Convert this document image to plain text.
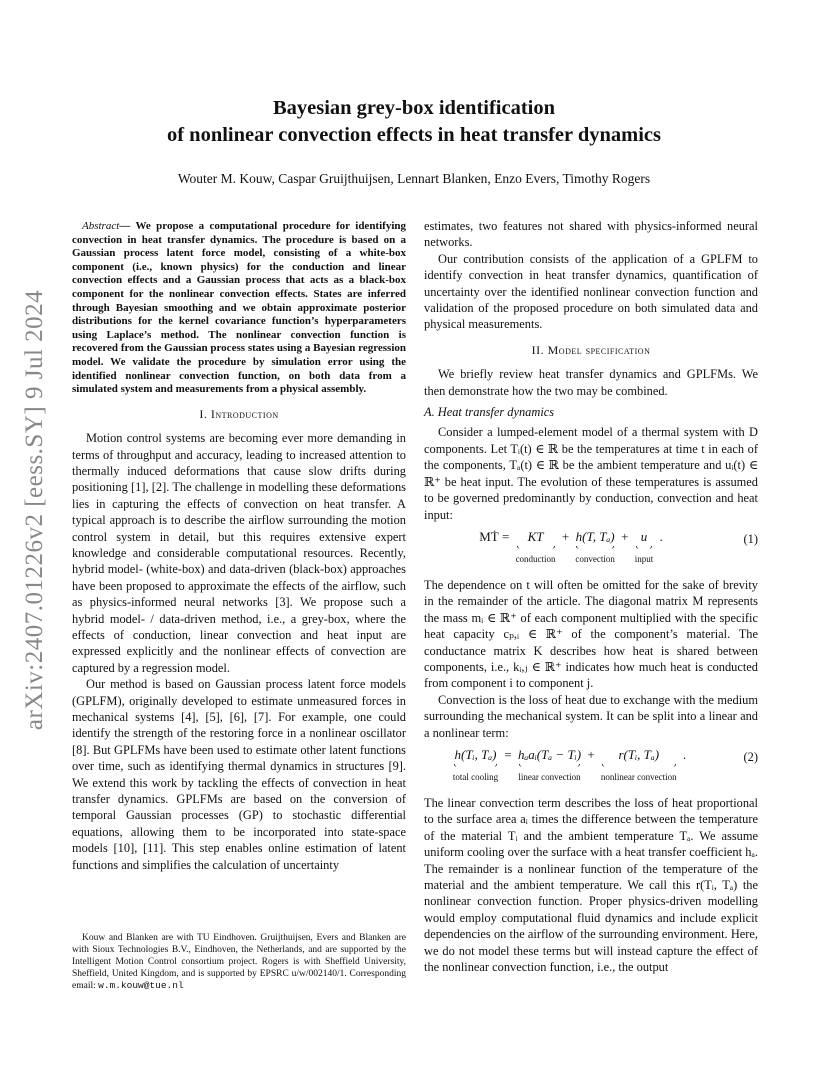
arXiv:2407.01226v2 [eess.SY] 9 Jul 2024
Bayesian grey-box identification
of nonlinear convection effects in heat transfer dynamics

Wouter M. Kouw, Caspar Gruijthuijsen, Lennart Blanken, Enzo Evers, Timothy Rogers

Abstract— We propose a computational procedure for identifying convection in heat transfer dynamics. The procedure is based on a Gaussian process latent force model, consisting of a white-box component (i.e., known physics) for the conduction and linear convection effects and a Gaussian process that acts as a black-box component for the nonlinear convection effects. States are inferred through Bayesian smoothing and we obtain approximate posterior distributions for the kernel covariance function’s hyperparameters using Laplace’s method. The nonlinear convection function is recovered from the Gaussian process states using a Bayesian regression model. We validate the procedure by simulation error using the identified nonlinear convection function, on both data from a simulated system and measurements from a physical assembly.

I. Introduction

Motion control systems are becoming ever more demanding in terms of throughput and accuracy, leading to increased attention to thermally induced deformations that cause slow drifts during positioning [1], [2]. The challenge in modelling these deformations lies in capturing the effects of convection on heat transfer. A typical approach is to describe the airflow surrounding the motion control system in detail, but this requires extensive expert knowledge and considerable computational resources. Recently, hybrid model- (white-box) and data-driven (black-box) approaches have been proposed to approximate the effects of the airflow, such as physics-informed neural networks [3]. We propose such a hybrid model- / data-driven method, i.e., a grey-box, where the effects of conduction, linear convection and heat input are expressed explicitly and the nonlinear effects of convection are captured by a regression model.

Our method is based on Gaussian process latent force models (GPLFM), originally developed to estimate unmeasured forces in mechanical systems [4], [5], [6], [7]. For example, one could identify the strength of the restoring force in a nonlinear oscillator [8]. But GPLFMs have been used to estimate other latent functions over time, such as identifying thermal dynamics in structures [9]. We extend this work by tackling the effects of convection in heat transfer dynamics. GPLFMs are based on the conversion of temporal Gaussian processes (GP) to stochastic differential equations, allowing them to be incorporated into state-space models [10], [11]. This step enables online estimation of latent functions and simplifies the calculation of uncertainty

Kouw and Blanken are with TU Eindhoven. Gruijthuijsen, Evers and Blanken are with Sioux Technologies B.V., Eindhoven, the Netherlands, and are supported by the Intelligent Motion Control consortium project. Rogers is with Sheffield University, Sheffield, United Kingdom, and is supported by EPSRC u/w/002140/1. Corresponding email: w.m.kouw@tue.nl

estimates, two features not shared with physics-informed neural networks.

Our contribution consists of the application of a GPLFM to identify convection in heat transfer dynamics, quantification of uncertainty over the identified nonlinear convection function and validation of the proposed procedure on both simulated data and physical measurements.

II. Model specification

We briefly review heat transfer dynamics and GPLFMs. We then demonstrate how the two may be combined.

A. Heat transfer dynamics

Consider a lumped-element model of a thermal system with D components. Let Tᵢ(t) ∈ ℝ be the temperatures at time t in each of the components, Tₐ(t) ∈ ℝ be the ambient temperature and uᵢ(t) ∈ ℝ⁺ be heat input. The evolution of these temperatures is assumed to be governed predominantly by conduction, convection and heat input:

MṪ =	KT
conduction
+ h(T, Tₐ)
convection
+ u
input
.	(1)

The dependence on t will often be omitted for the sake of brevity in the remainder of the article. The diagonal matrix M represents the mass mᵢ ∈ ℝ⁺ of each component multiplied with the specific heat capacity cₚ,ᵢ ∈ ℝ⁺ of the component’s material. The conductance matrix K describes how heat is shared between components, i.e., kᵢ,ⱼ ∈ ℝ⁺ indicates how much heat is conducted from component i to component j.

Convection is the loss of heat due to exchange with the medium surrounding the mechanical system. It can be split into a linear and a nonlinear term:

h(Tᵢ, Tₐ)
total cooling
= hₐaᵢ(Tₐ − Tᵢ)
linear convection
+	r(Tᵢ, Tₐ)
nonlinear convection
.	(2)

The linear convection term describes the loss of heat proportional to the surface area aᵢ times the difference between the temperature of the material Tᵢ and the ambient temperature Tₐ. We assume uniform cooling over the surface with a heat transfer coefficient hₐ. The remainder is a nonlinear function of the temperature of the material and the ambient temperature. We call this r(Tᵢ, Tₐ) the nonlinear convection function. Proper physics-driven modelling would employ computational fluid dynamics and include explicit dependencies on the airflow of the surrounding environment. Here, we do not model these terms but will instead capture the effect of the nonlinear convection function, i.e., the output
